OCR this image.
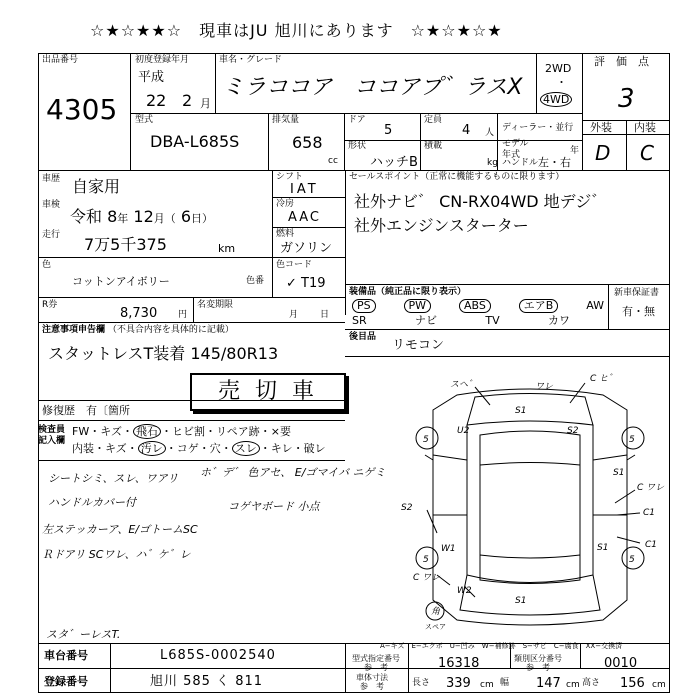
☆★☆★★☆　現車はJU 旭川にあります　☆★☆★☆★
出品番号
4305
初度登録年月
平成
22 2 月
車名・グレード
ミラココア　ココアプ゛ラスX
2WD
・
4WD
評　価　点
3
外装 内装
D C
型式
DBA-L685S
排気量
658
cc
ドア
5
定員
4 人 ディーラー・並行
形状
ハッチB
積載
kg
モデル
年式	年
ハンドル 左・右
車歴 自家用
車検
令和 8年 12月（ 6日）
走行 7万5千375	km
シフト
IAT
冷房
AAC
燃料
ガソリン
色
コットンアイボリー	色番
色コード
✓ T19
R券
8,730 円
名変期限
月 日
注意事項申告欄 （不具合内容を具体的に記載）
スタットレスT装着 145/80R13
売 切 車
修復歴 有〔箇所
検査員
記入欄
FW・キズ・ 飛石 ・ヒビ割・リペア跡・×要
内装・キズ・ 汚レ ・コゲ・穴・ スレ ・キレ・破レ
シートシミ、スレ、ワアリ
ハンドルカバー付
左ステッカーア、E/ゴトームSC
Ｒドアリ SCワレ、ハ゛ケ゛レ
ホ゛デ゛ 色アセ、 E/ゴマイバ ニゲミ
コゲヤボード 小点
スタ゛ーレスT.
セールスポイント（正常に機能するものに限ります）
社外ナビ゛ CN-RX04WD 地デジ゛
社外エンジンスターター
装備品（純正品に限り表示）	新車保証書
有・無
PS	PW	ABS	エアB	AW
SR	ナビ	TV	カワ
後目品
リモコン
スヘ゛
C ヒ゛
ワレ
S1
S2
U2
C ワレ
S1
C1
C1
S2
W1
C ワレ
W2
S1
S1
5	5
5	5
角
スペア
A−キズ　E−エクボ　U−凹み　W−補修跡　S−サビ　C−腐食　XX−交換済
車台番号	L685S-0002540
登録番号	旭川 585 く 811
型式指定番号
参　考	16318	類別区分番号
参　考	0010
車体寸法
参　考	長さ 339 cm 幅 147 cm 高さ 156 cm
